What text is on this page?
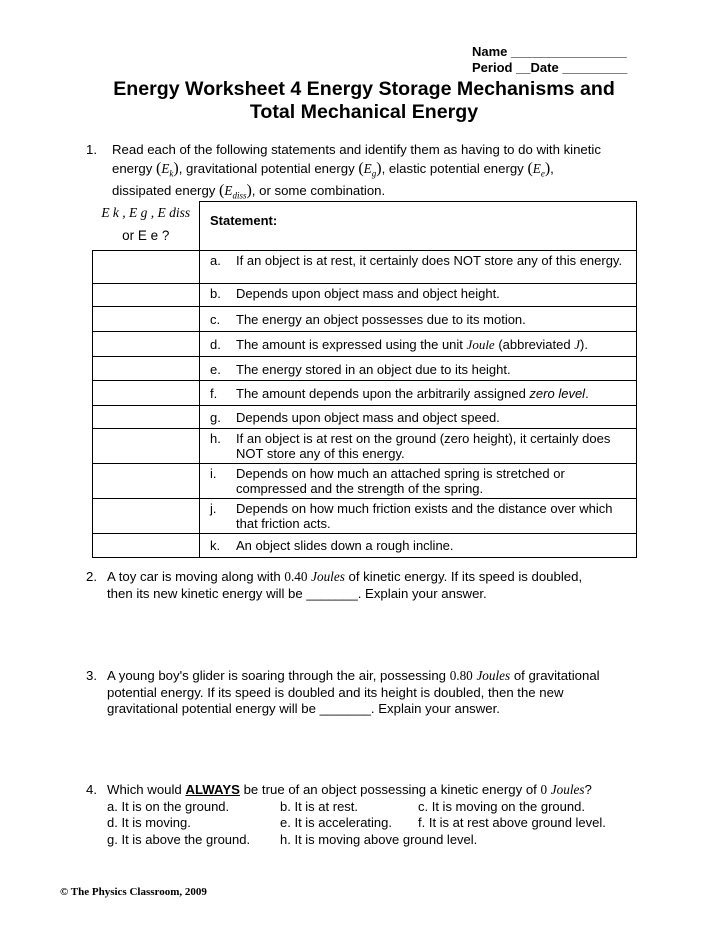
Name ________________
Period __Date _________
Energy Worksheet 4 Energy Storage Mechanisms and
Total Mechanical Energy
1.	Read each of the following statements and identify them as having to do with kinetic
energy $(E_k)$, gravitational potential energy $(E_g)$, elastic potential energy $(E_e)$,
dissipated energy $(E_{diss})$, or some combination.
E k , E g , E diss
or E e ?	Statement:

	a. If an object is at rest, it certainly does NOT store any of this energy.

	b. Depends upon object mass and object height.

	c. The energy an object possesses due to its motion.

	d. The amount is expressed using the unit Joule (abbreviated J).

	e. The energy stored in an object due to its height.

	f. The amount depends upon the arbitrarily assigned zero level.

	g. Depends upon object mass and object speed.

	h. If an object is at rest on the ground (zero height), it certainly does NOT store any of this energy.

	i. Depends on how much an attached spring is stretched or compressed and the strength of the spring.

	j. Depends on how much friction exists and the distance over which that friction acts.

	k. An object slides down a rough incline.
2. A toy car is moving along with 0.40 Joules of kinetic energy. If its speed is doubled,
then its new kinetic energy will be _______. Explain your answer.
3. A young boy's glider is soaring through the air, possessing 0.80 Joules of gravitational
potential energy. If its speed is doubled and its height is doubled, then the new
gravitational potential energy will be _______. Explain your answer.
4. Which would ALWAYS be true of an object possessing a kinetic energy of 0 Joules?
a. It is on the ground.	b. It is at rest.	c. It is moving on the ground.
d. It is moving.	e. It is accelerating. f. It is at rest above ground level.
g. It is above the ground. h. It is moving above ground level.
© The Physics Classroom, 2009
